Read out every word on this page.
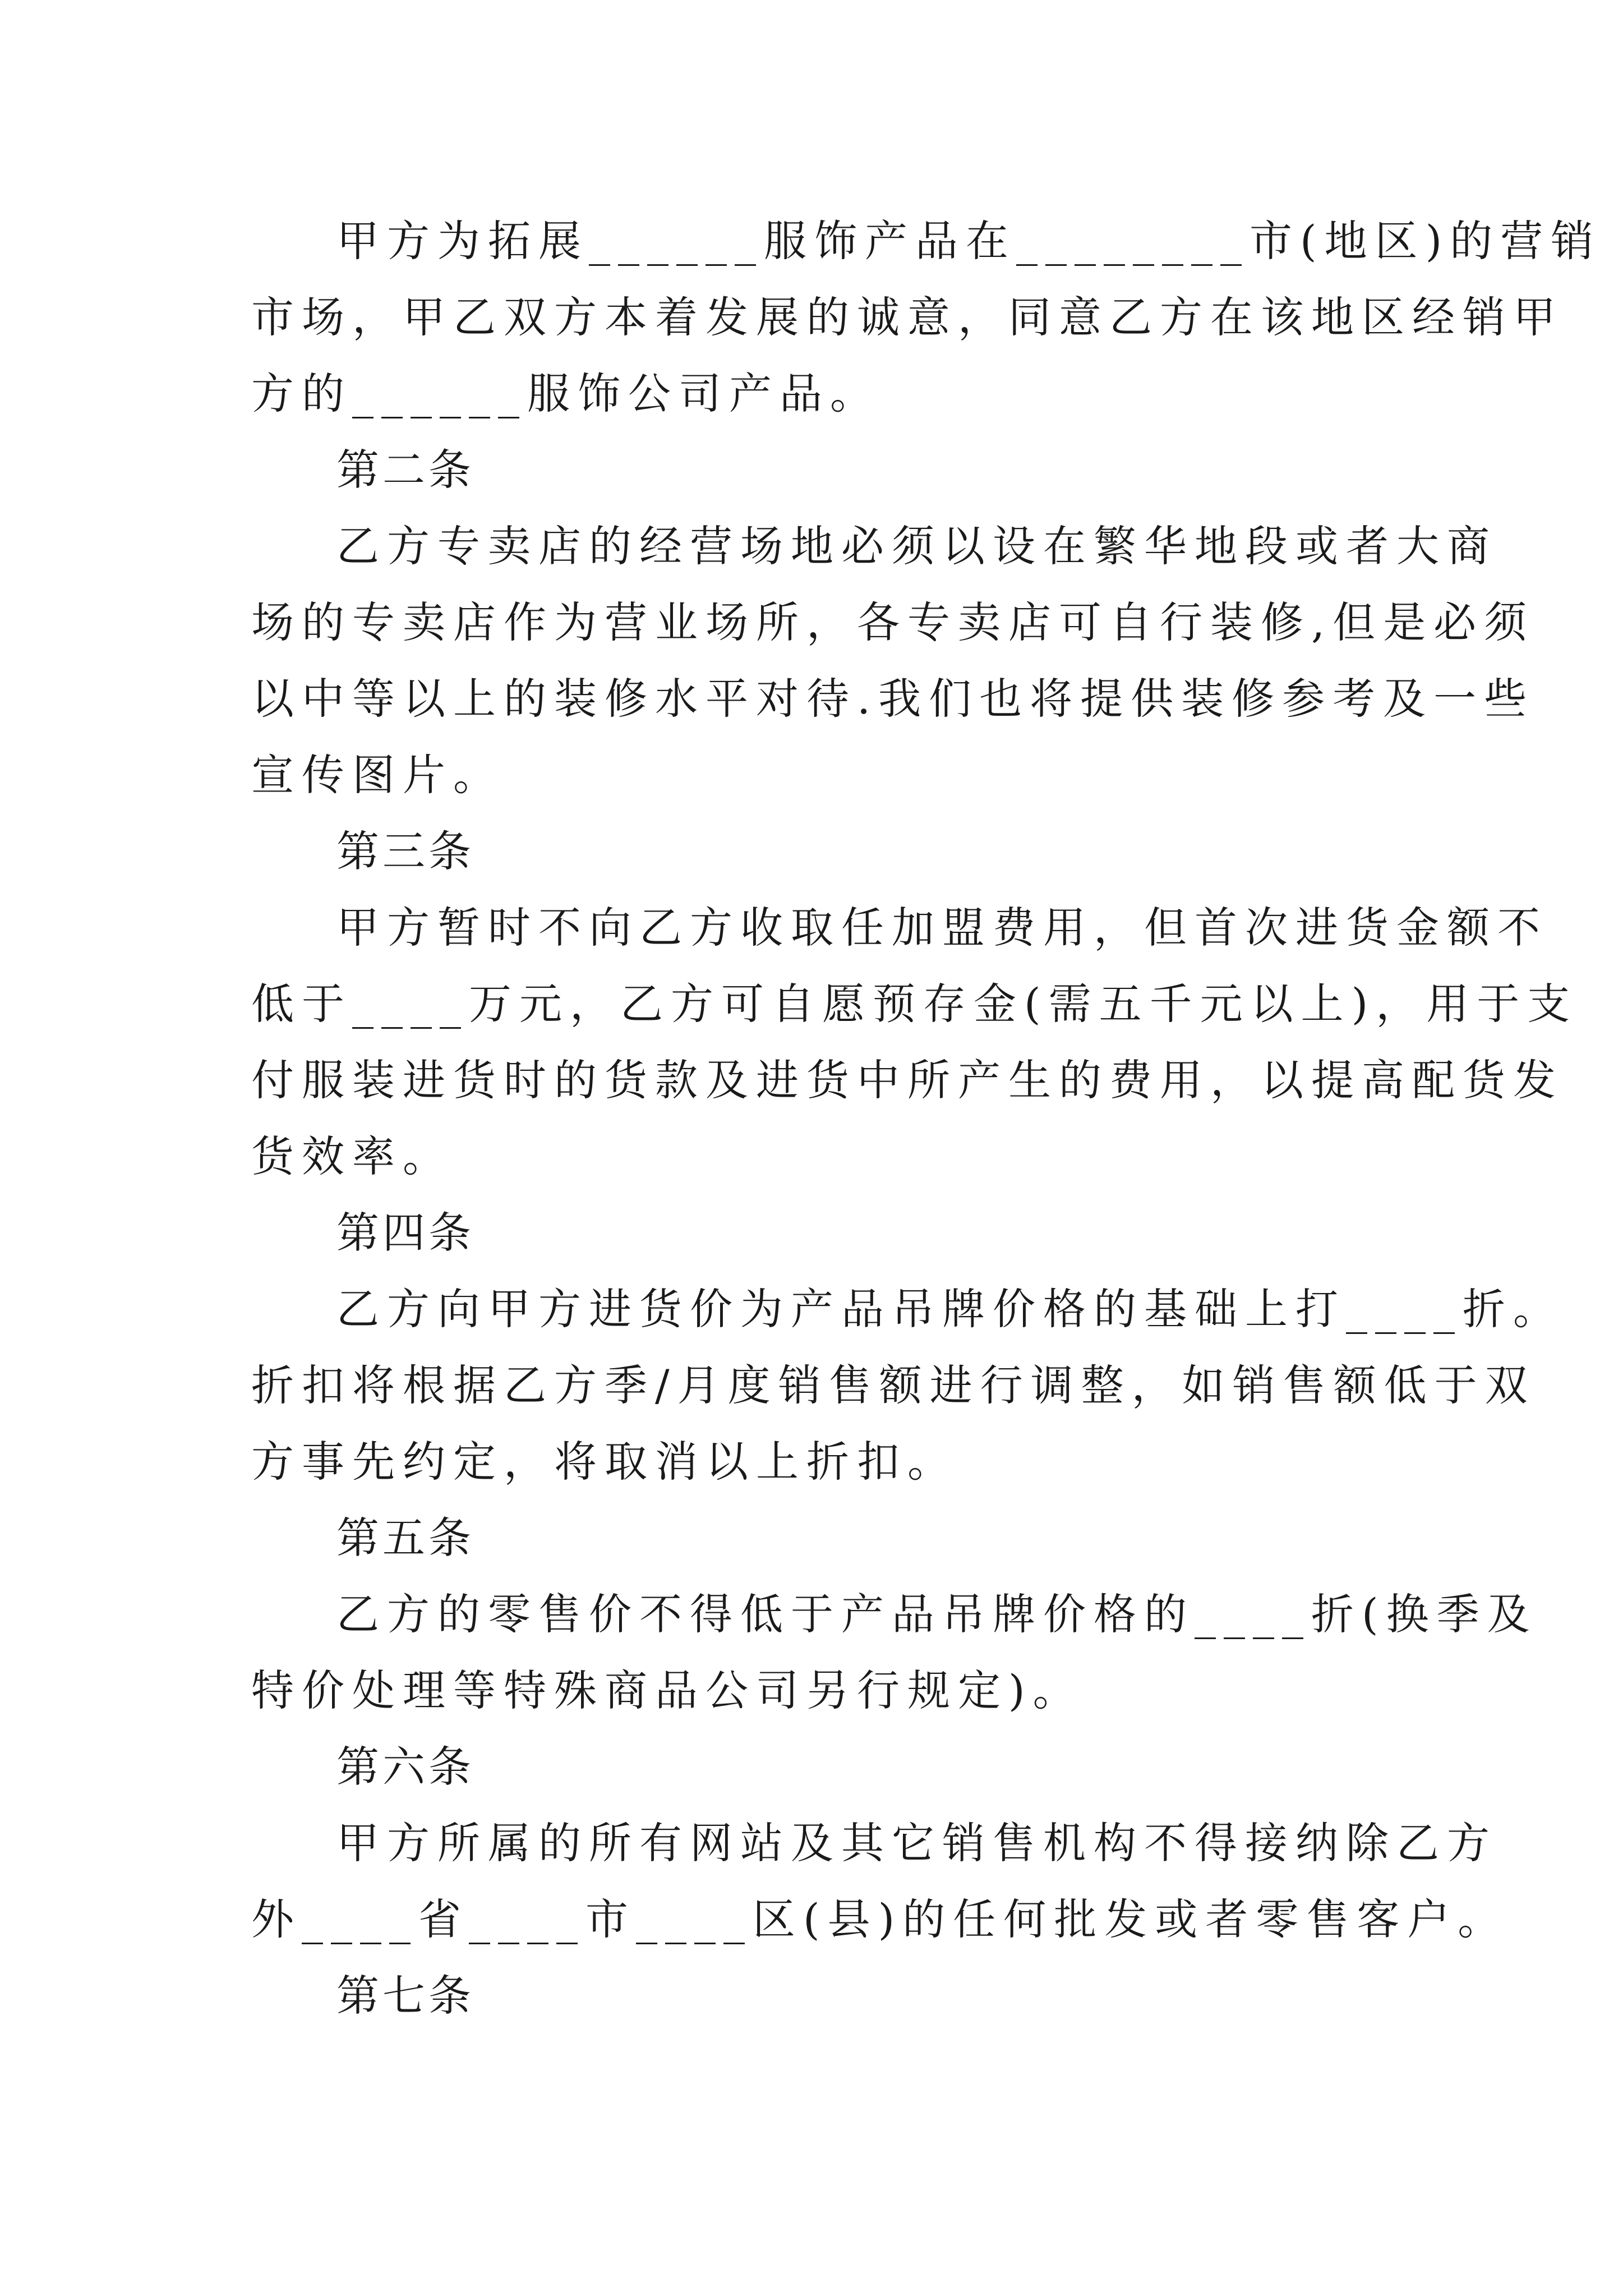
甲方为拓展______服饰产品在________市(地区)的营销
市场，甲乙双方本着发展的诚意，同意乙方在该地区经销甲
方的______服饰公司产品。
第二条
乙方专卖店的经营场地必须以设在繁华地段或者大商
场的专卖店作为营业场所，各专卖店可自行装修,但是必须
以中等以上的装修水平对待.我们也将提供装修参考及一些
宣传图片。
第三条
甲方暂时不向乙方收取任加盟费用，但首次进货金额不
低于____万元，乙方可自愿预存金(需五千元以上)，用于支
付服装进货时的货款及进货中所产生的费用，以提高配货发
货效率。
第四条
乙方向甲方进货价为产品吊牌价格的基础上打____折。
折扣将根据乙方季/月度销售额进行调整，如销售额低于双
方事先约定，将取消以上折扣。
第五条
乙方的零售价不得低于产品吊牌价格的____折(换季及
特价处理等特殊商品公司另行规定)。
第六条
甲方所属的所有网站及其它销售机构不得接纳除乙方
外____省____市____区(县)的任何批发或者零售客户。
第七条
